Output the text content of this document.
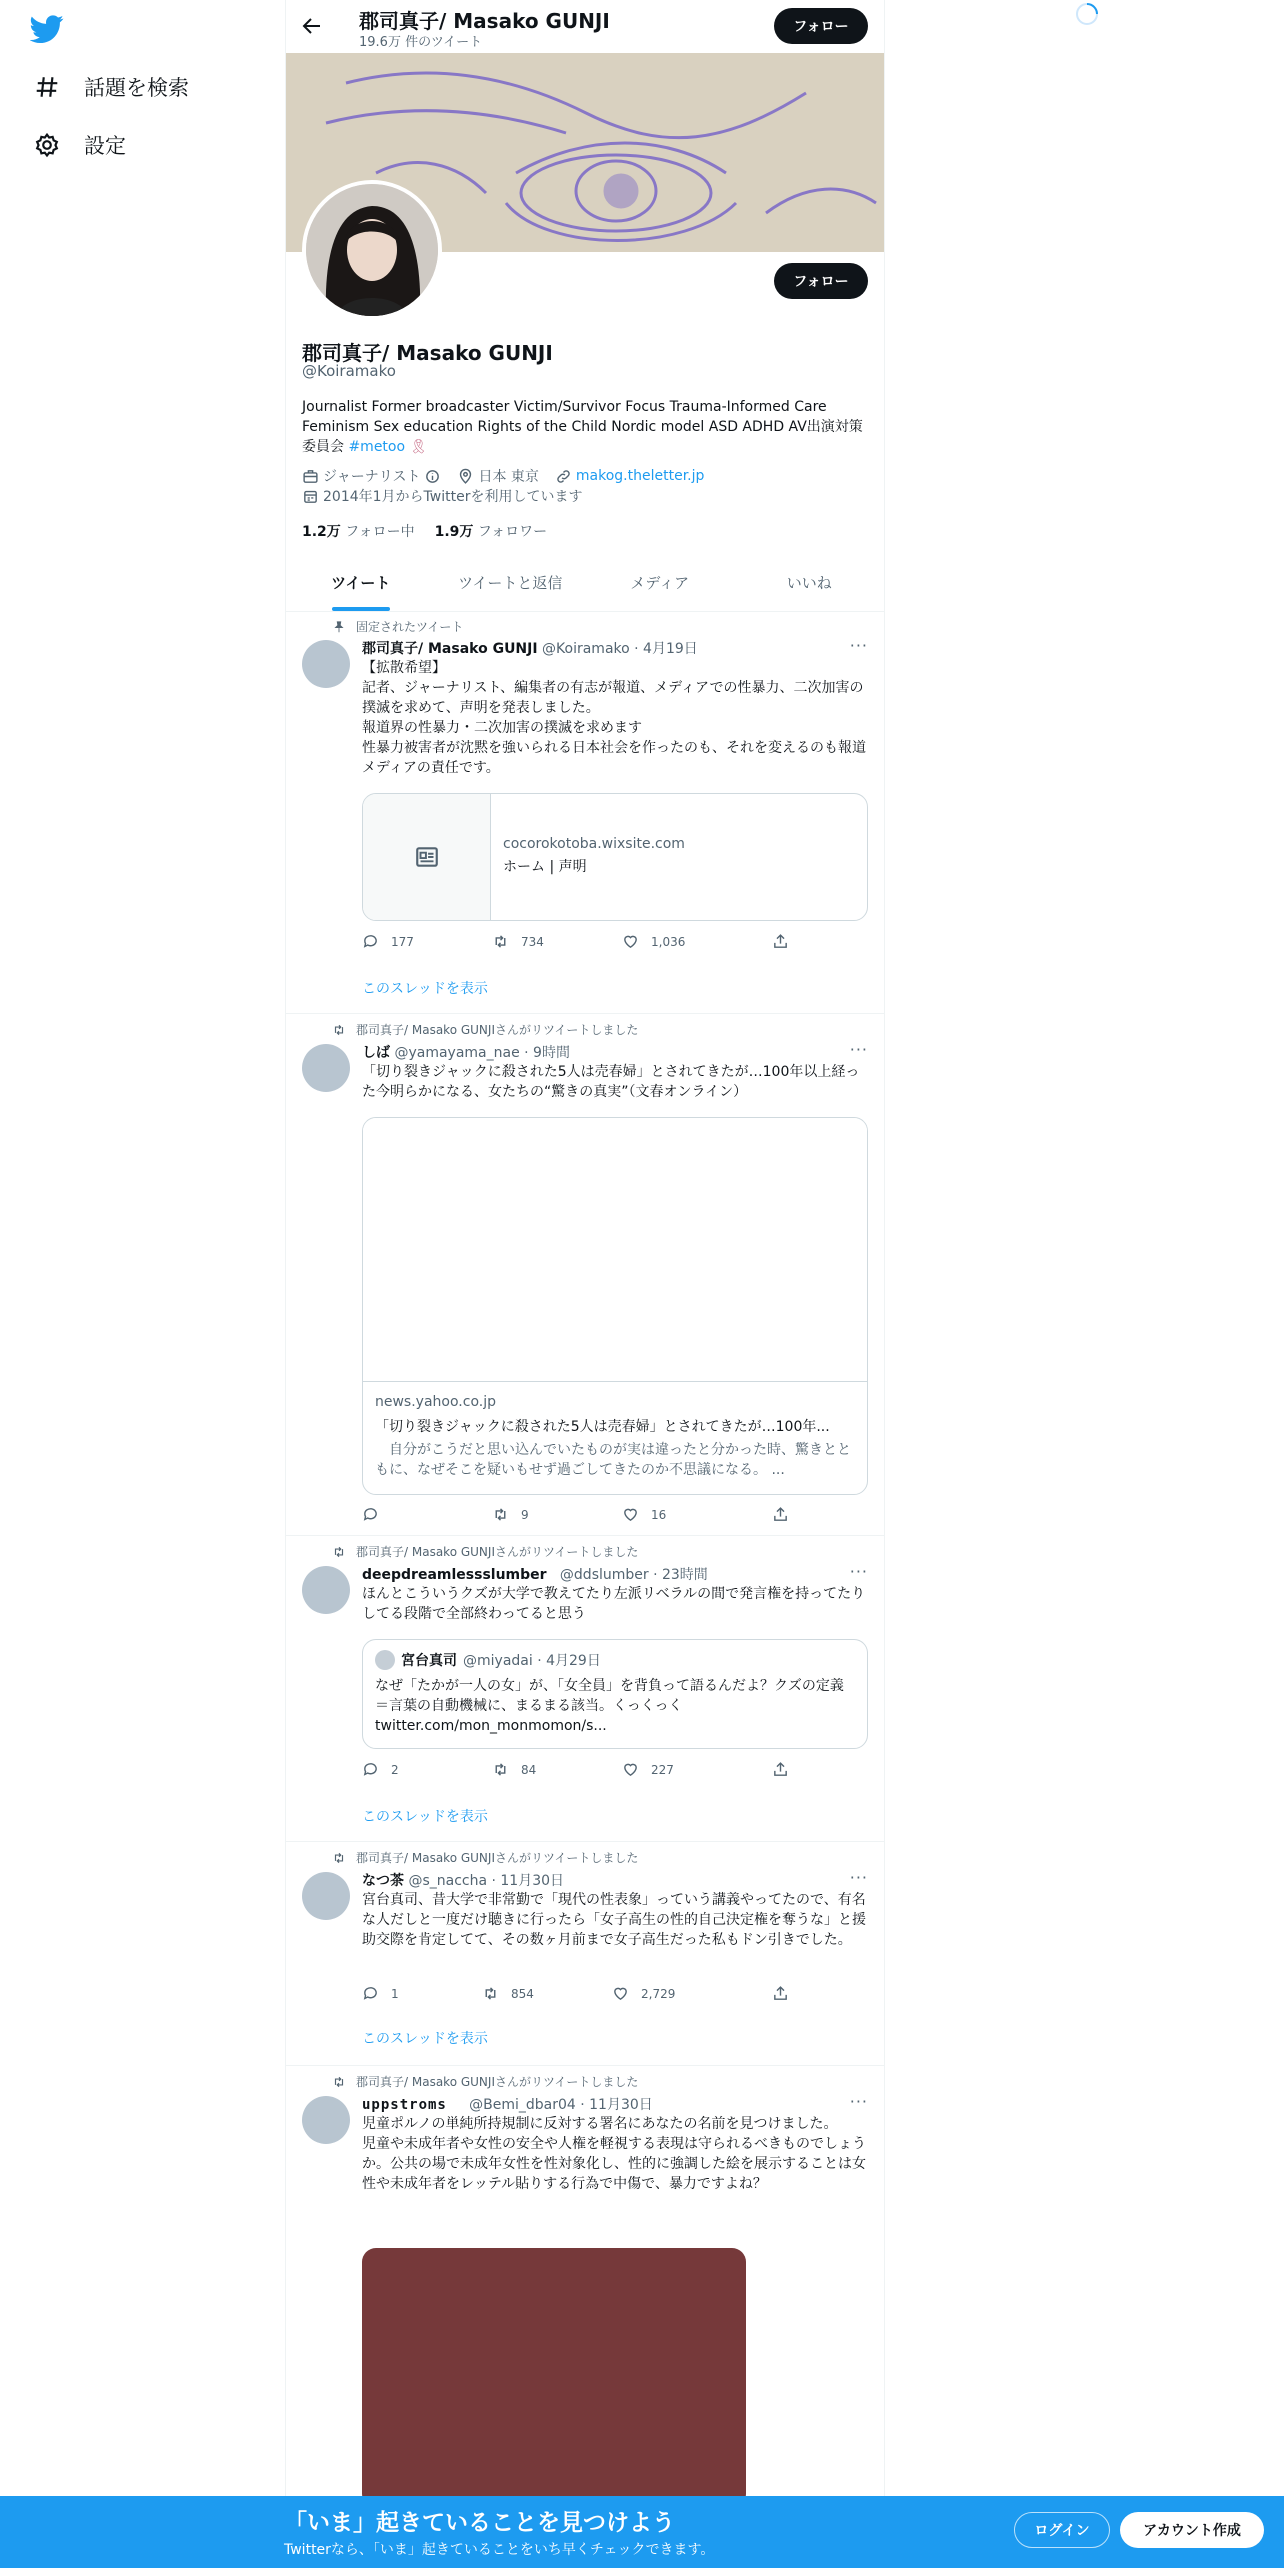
話題を検索
設定
郡司真子/ Masako GUNJI
19.6万 件のツイート
フォロー
フォロー
郡司真子/ Masako GUNJI
@Koiramako
Journalist Former broadcaster Victim/Survivor Focus Trauma-Informed Care Feminism Sex education Rights of the Child Nordic model ASD ADHD AV出演対策委員会 #metoo 🎗
ジャーナリスト	日本 東京	makog.theletter.jp
2014年1月からTwitterを利用しています
1.2万 フォロー中 1.9万 フォロワー
ツイート	ツイートと返信	メディア	いいね
固定されたツイート
郡司真子/ Masako GUNJI @Koiramako · 4月19日	···
【拡散希望】
記者、ジャーナリスト、編集者の有志が報道、メディアでの性暴力、二次加害の撲滅を求めて、声明を発表しました。
報道界の性暴力・二次加害の撲滅を求めます
性暴力被害者が沈黙を強いられる日本社会を作ったのも、それを変えるのも報道メディアの責任です。
cocorokotoba.wixsite.com
ホーム | 声明
177	734	1,036
このスレッドを表示
郡司真子/ Masako GUNJIさんがリツイートしました
しば @yamayama_nae · 9時間	···
「切り裂きジャックに殺された5人は売春婦」とされてきたが…100年以上経った今明らかになる、女たちの“驚きの真実”（文春オンライン）
news.yahoo.co.jp
「切り裂きジャックに殺された5人は売春婦」とされてきたが…100年...
　自分がこうだと思い込んでいたものが実は違ったと分かった時、驚きとともに、なぜそこを疑いもせず過ごしてきたのか不思議になる。 ...
9	16
郡司真子/ Masako GUNJIさんがリツイートしました
deepdreamlessslumber @ddslumber · 23時間	···
ほんとこういうクズが大学で教えてたり左派リベラルの間で発言権を持ってたりしてる段階で全部終わってると思う
宮台真司 @miyadai · 4月29日
なぜ「たかが一人の女」が、「女全員」を背負って語るんだよ？クズの定義＝言葉の自動機械に、まるまる該当。くっくっく
twitter.com/mon_monmomon/s...
2	84	227
このスレッドを表示
郡司真子/ Masako GUNJIさんがリツイートしました
なつ茶 @s_naccha · 11月30日	···
宮台真司、昔大学で非常勤で「現代の性表象」っていう講義やってたので、有名な人だしと一度だけ聴きに行ったら「女子高生の性的自己決定権を奪うな」と援助交際を肯定してて、その数ヶ月前まで女子高生だった私もドン引きでした。
1	854	2,729
このスレッドを表示
郡司真子/ Masako GUNJIさんがリツイートしました
uppstroms @Bemi_dbar04 · 11月30日	···
児童ポルノの単純所持規制に反対する署名にあなたの名前を見つけました。
児童や未成年者や女性の安全や人権を軽視する表現は守られるべきものでしょうか。公共の場で未成年女性を性対象化し、性的に強調した絵を展示することは女性や未成年者をレッテル貼りする行為で中傷で、暴力ですよね？
「いま」起きていることを見つけよう
Twitterなら、「いま」起きていることをいち早くチェックできます。
ログイン	アカウント作成
